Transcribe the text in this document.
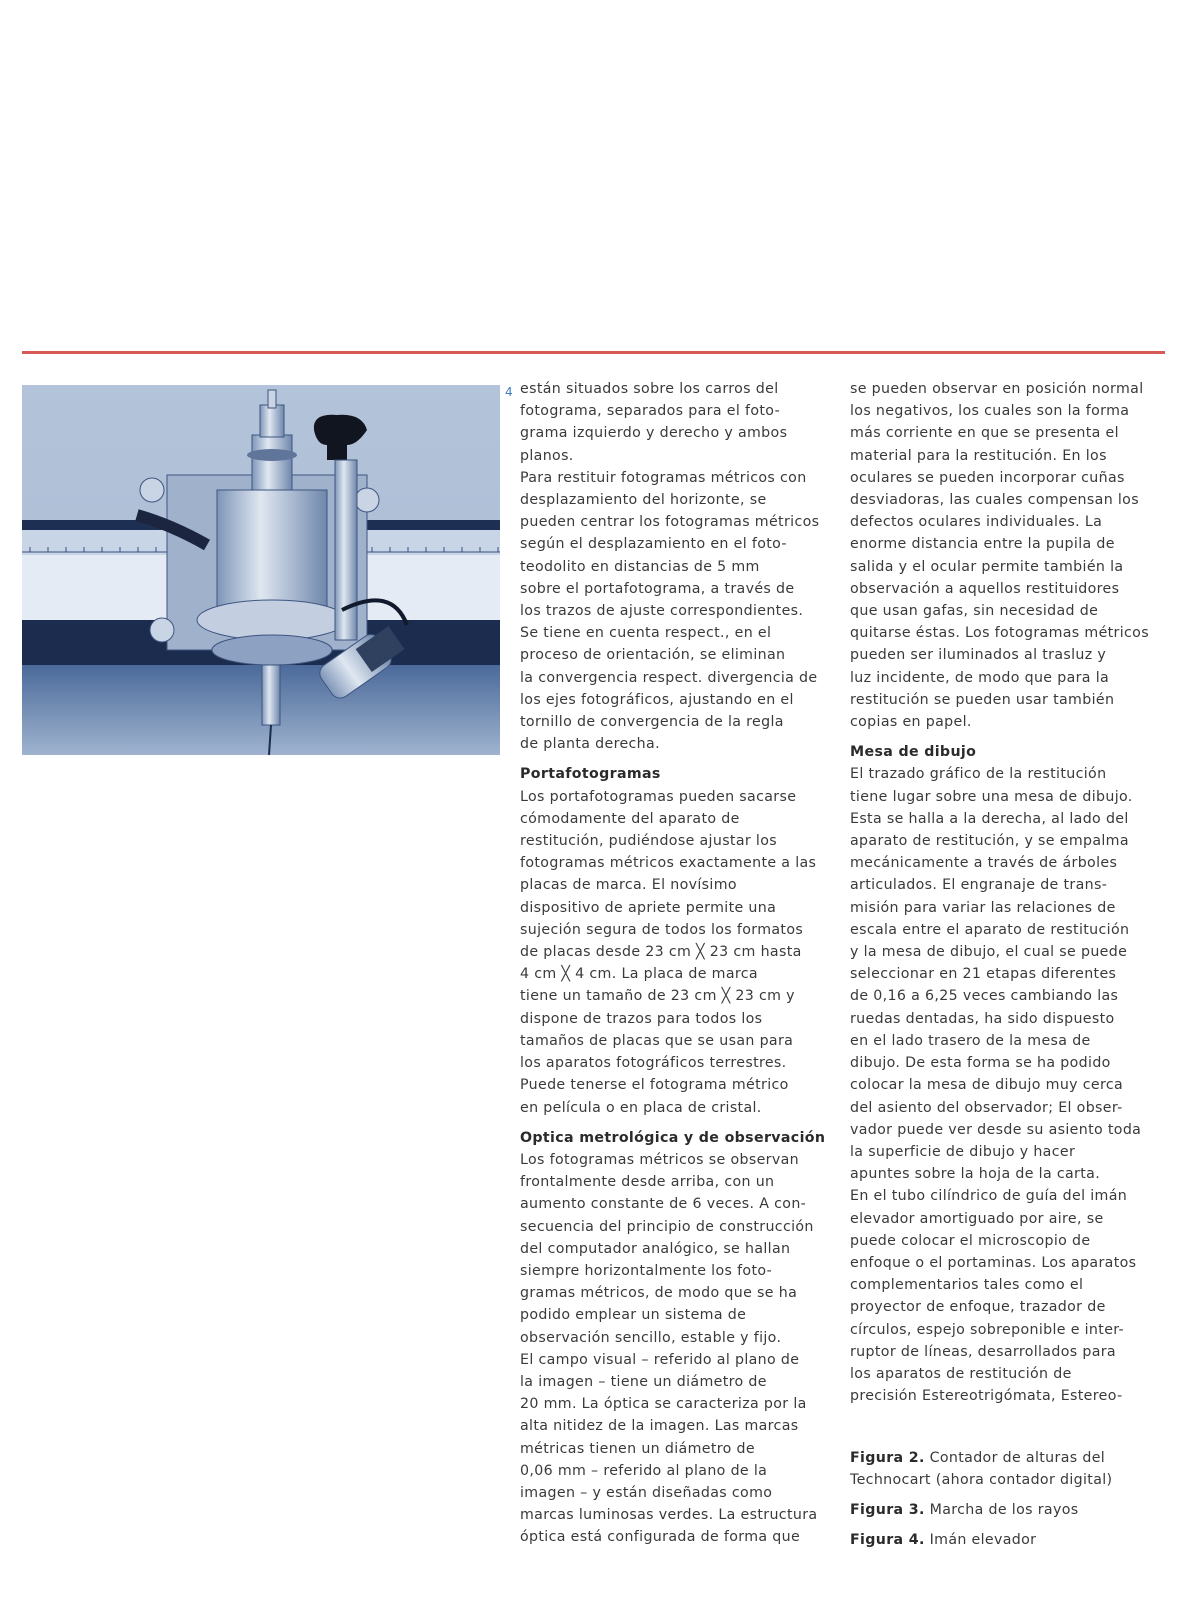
4 están situados sobre los carros del
fotograma, separados para el foto-
grama izquierdo y derecho y ambos
planos.
Para restituir fotogramas métricos con
desplazamiento del horizonte, se
pueden centrar los fotogramas métricos
según el desplazamiento en el foto-
teodolito en distancias de 5 mm
sobre el portafotograma, a través de
los trazos de ajuste correspondientes.
Se tiene en cuenta respect., en el
proceso de orientación, se eliminan
la convergencia respect. divergencia de
los ejes fotográficos, ajustando en el
tornillo de convergencia de la regla
de planta derecha.

Portafotogramas

Los portafotogramas pueden sacarse
cómodamente del aparato de
restitución, pudiéndose ajustar los
fotogramas métricos exactamente a las
placas de marca. El novísimo
dispositivo de apriete permite una
sujeción segura de todos los formatos
de placas desde 23 cm ╳ 23 cm hasta
4 cm ╳ 4 cm. La placa de marca
tiene un tamaño de 23 cm ╳ 23 cm y
dispone de trazos para todos los
tamaños de placas que se usan para
los aparatos fotográficos terrestres.
Puede tenerse el fotograma métrico
en película o en placa de cristal.

Optica metrológica y de observación

Los fotogramas métricos se observan
frontalmente desde arriba, con un
aumento constante de 6 veces. A con-
secuencia del principio de construcción
del computador analógico, se hallan
siempre horizontalmente los foto-
gramas métricos, de modo que se ha
podido emplear un sistema de
observación sencillo, estable y fijo.
El campo visual – referido al plano de
la imagen – tiene un diámetro de
20 mm. La óptica se caracteriza por la
alta nitidez de la imagen. Las marcas
métricas tienen un diámetro de
0,06 mm – referido al plano de la
imagen – y están diseñadas como
marcas luminosas verdes. La estructura
óptica está configurada de forma que

se pueden observar en posición normal
los negativos, los cuales son la forma
más corriente en que se presenta el
material para la restitución. En los
oculares se pueden incorporar cuñas
desviadoras, las cuales compensan los
defectos oculares individuales. La
enorme distancia entre la pupila de
salida y el ocular permite también la
observación a aquellos restituidores
que usan gafas, sin necesidad de
quitarse éstas. Los fotogramas métricos
pueden ser iluminados al trasluz y
luz incidente, de modo que para la
restitución se pueden usar también
copias en papel.

Mesa de dibujo

El trazado gráfico de la restitución
tiene lugar sobre una mesa de dibujo.
Esta se halla a la derecha, al lado del
aparato de restitución, y se empalma
mecánicamente a través de árboles
articulados. El engranaje de trans-
misión para variar las relaciones de
escala entre el aparato de restitución
y la mesa de dibujo, el cual se puede
seleccionar en 21 etapas diferentes
de 0,16 a 6,25 veces cambiando las
ruedas dentadas, ha sido dispuesto
en el lado trasero de la mesa de
dibujo. De esta forma se ha podido
colocar la mesa de dibujo muy cerca
del asiento del observador; El obser-
vador puede ver desde su asiento toda
la superficie de dibujo y hacer
apuntes sobre la hoja de la carta.
En el tubo cilíndrico de guía del imán
elevador amortiguado por aire, se
puede colocar el microscopio de
enfoque o el portaminas. Los aparatos
complementarios tales como el
proyector de enfoque, trazador de
círculos, espejo sobreponible e inter-
ruptor de líneas, desarrollados para
los aparatos de restitución de
precisión Estereotrigómata, Estereo-

Figura 2. Contador de alturas del Technocart (ahora contador digital)

Figura 3. Marcha de los rayos

Figura 4. Imán elevador
